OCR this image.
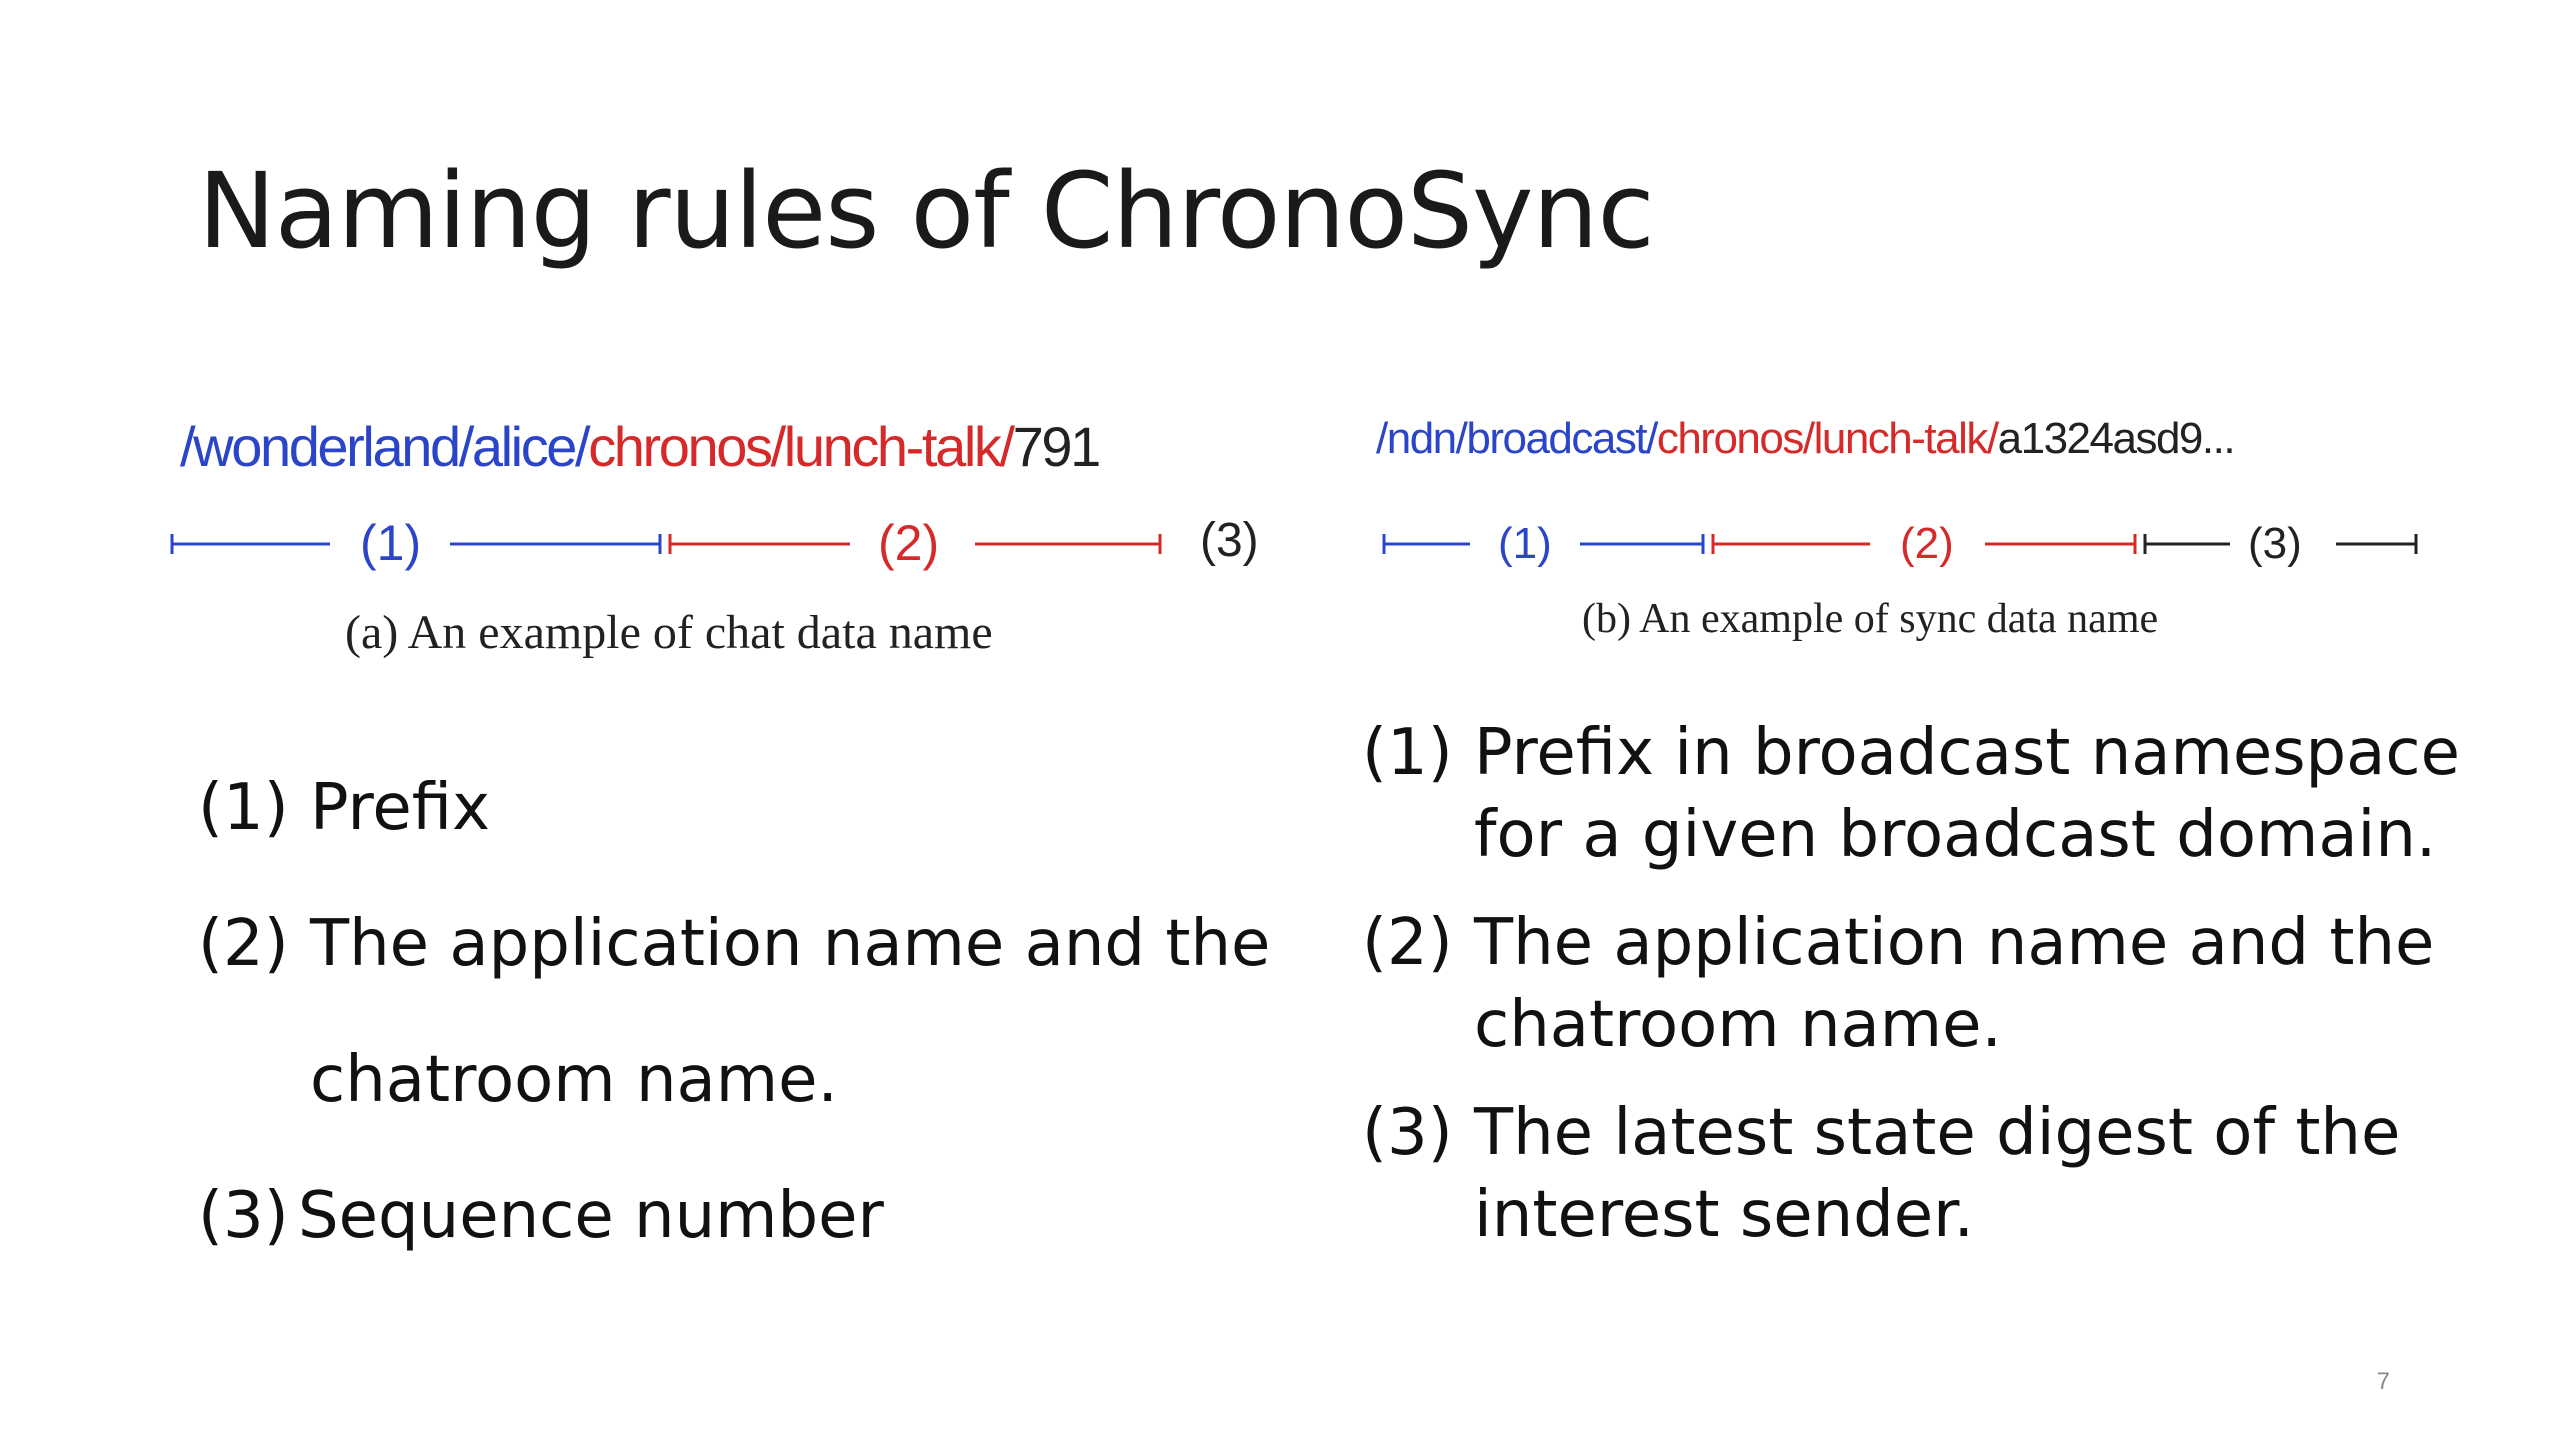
Naming rules of ChronoSync
/wonderland/alice/chronos/lunch-talk/791
(1)	(2)	(3)
(a) An example of chat data name
/ndn/broadcast/chronos/lunch-talk/a1324asd9...
(1)	(2)	(3)
(b) An example of sync data name
(1) Prefix
(2) The application name and the
chatroom name.
(3) Sequence number
(1) Prefix in broadcast namespace
for a given broadcast domain.
(2) The application name and the
chatroom name.
(3) The latest state digest of the
interest sender.
7
